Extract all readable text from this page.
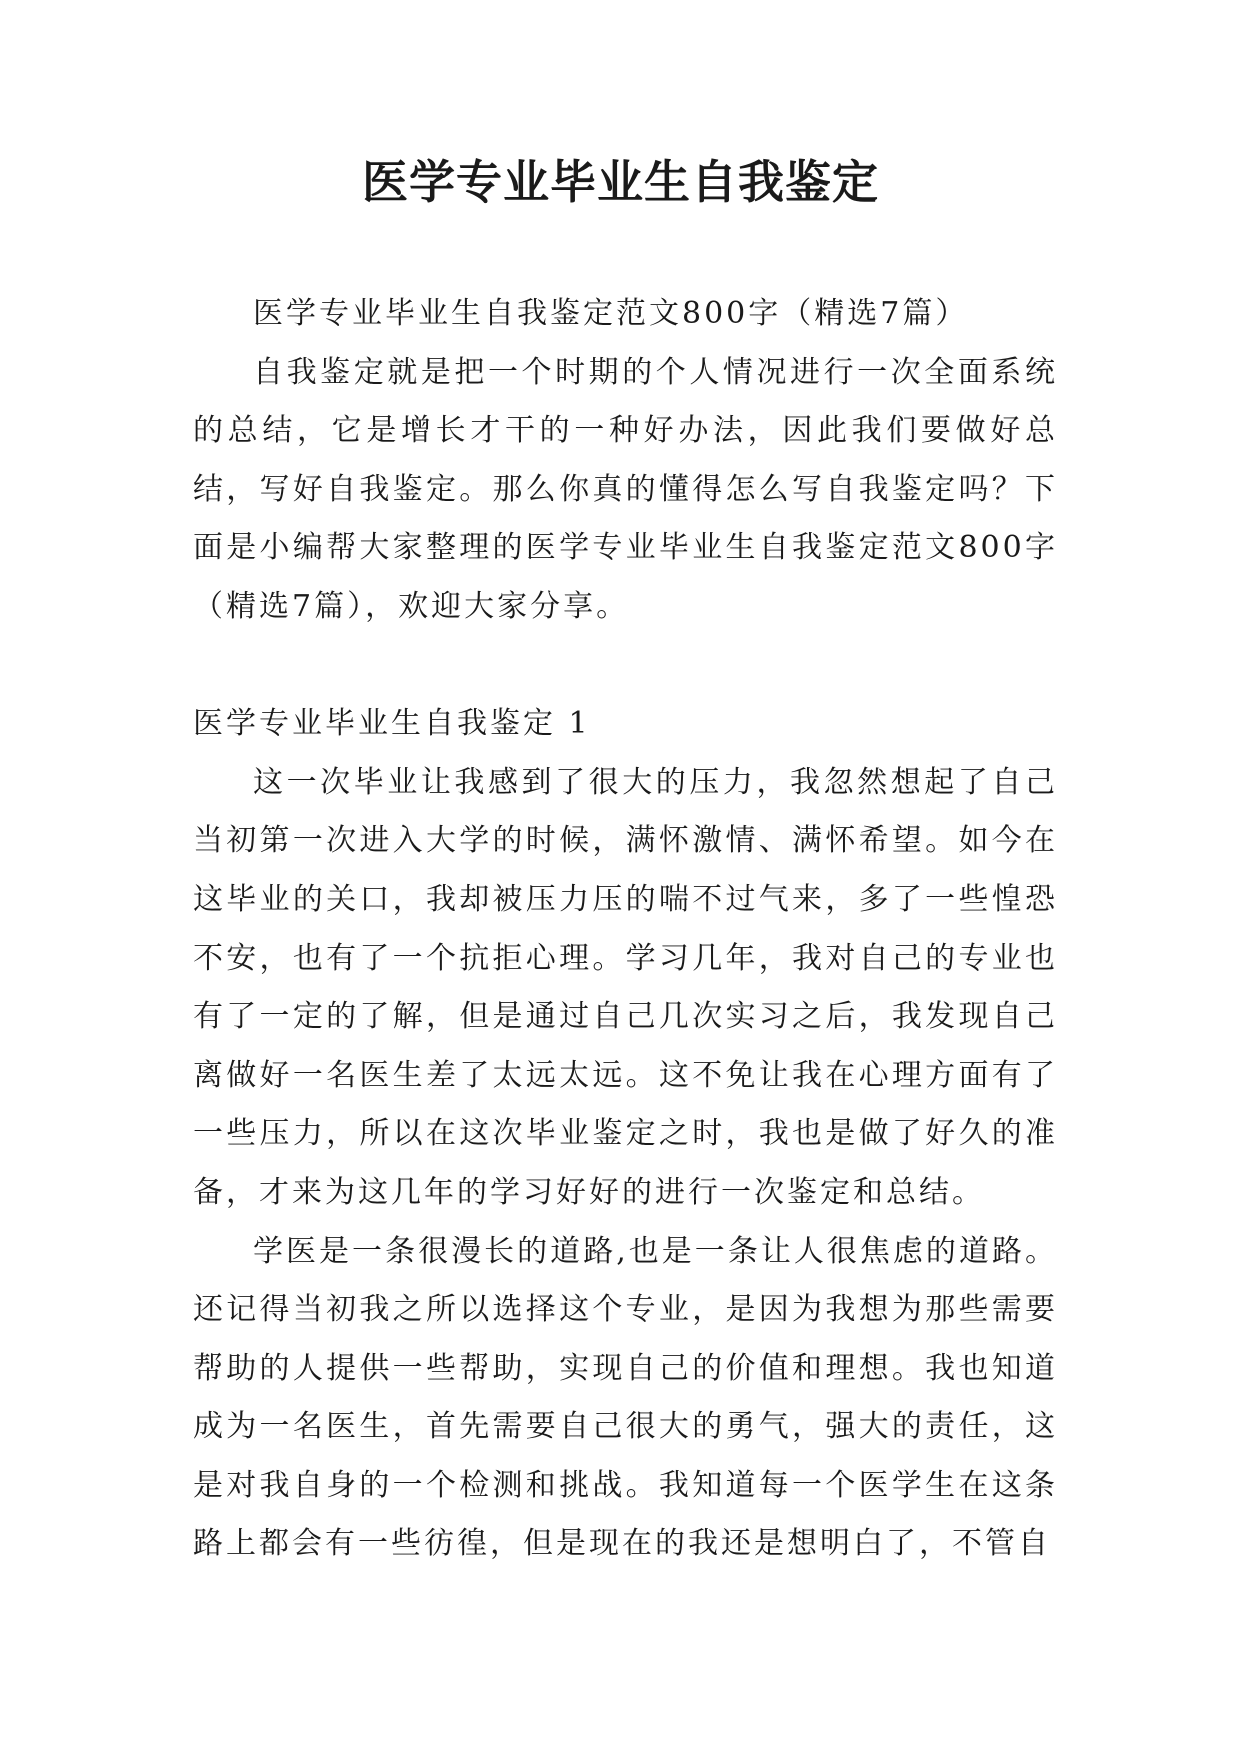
医学专业毕业生自我鉴定

医学专业毕业生自我鉴定范文800字（精选7篇）

自我鉴定就是把一个时期的个人情况进行一次全面系统的总结，它是增长才干的一种好办法，因此我们要做好总结，写好自我鉴定。那么你真的懂得怎么写自我鉴定吗？下面是小编帮大家整理的医学专业毕业生自我鉴定范文800字（精选7篇），欢迎大家分享。

医学专业毕业生自我鉴定 1

这一次毕业让我感到了很大的压力，我忽然想起了自己当初第一次进入大学的时候，满怀激情、满怀希望。如今在这毕业的关口，我却被压力压的喘不过气来，多了一些惶恐不安，也有了一个抗拒心理。学习几年，我对自己的专业也有了一定的了解，但是通过自己几次实习之后，我发现自己离做好一名医生差了太远太远。这不免让我在心理方面有了一些压力，所以在这次毕业鉴定之时，我也是做了好久的准备，才来为这几年的学习好好的进行一次鉴定和总结。

学医是一条很漫长的道路,也是一条让人很焦虑的道路。还记得当初我之所以选择这个专业，是因为我想为那些需要帮助的人提供一些帮助，实现自己的价值和理想。我也知道成为一名医生，首先需要自己很大的勇气，强大的责任，这是对我自身的一个检测和挑战。我知道每一个医学生在这条路上都会有一些彷徨，但是现在的我还是想明白了，不管自
